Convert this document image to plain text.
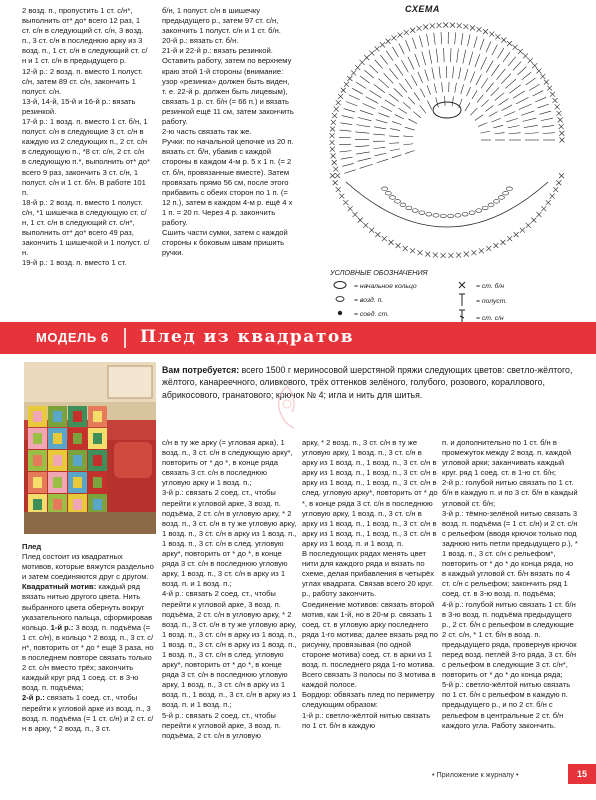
2 возд. п., пропустить 1 ст. с/н*, выполнить от* до* всего 12 раз, 1 ст. с/н в следующий ст. с/н, 3 возд. п., 3 ст. с/н в последнюю арку из 3 возд. п., 1 ст. с/н в следующий ст. с/н и 1 ст. с/н в предыдущего р.
12-й р.: 2 возд. п. вместо 1 полуст. с/н, затем 89 ст. с/н, закончить 1 полуст. с/н.
13-й, 14-й, 15-й и 16-й р.: вязать резинкой.
17-й р.: 1 возд. п. вместо 1 ст. б/н, 1 полуст. с/н в следующие 3 ст. с/н в каждую из 2 следующих п., 2 ст. с/н в следующую п., *8 ст. с/н, 2 ст. с/н в следующую п.*, выполнить от* до* всего 9 раз, закончить 3 ст. с/н, 1 полуст. с/н и 1 ст. б/н. В работе 101 п.
18-й р.: 2 возд. п. вместо 1 полуст. с/н, *1 шишечка в следующую ст. с/н, 1 ст. с/н в следующий ст. с/н*, выполнить от* до* всего 49 раз, закончить 1 шишечкой и 1 полуст. с/н.
19-й р.: 1 возд. п. вместо 1 ст.
б/н, 1 полуст. с/н в шишечку предыдущего р., затем 97 ст. с/н, закончить 1 полуст. с/н и 1 ст. б/н.
20-й р.: вязать ст. б/н.
21-й и 22-й р.: вязать резинкой.
Оставить работу, затем по верхнему краю этой 1-й стороны (внимание: узор «резинка» должен быть виден, т. е. 22-й р. должен быть лицевым), связать 1 р. ст. б/н (= 66 п.) и вязать резинкой ещё 11 см, затем закончить работу.
2-ю часть связать так же.
Ручки: по начальной цепочке из 20 п. вязать ст. б/н, убавив с каждой стороны в каждом 4-м р. 5 х 1 п. (= 2 ст. б/н, провязанные вместе). Затем провязать прямо 56 см, после этого прибавить с обеих сторон по 1 п. (= 12 п.), затем в каждом 4-м р. ещё 4 х 1 п. = 20 п. Через 4 р. закончить работу.
Сшить части сумки, затем с каждой стороны к боковым швам пришить ручки.
СХЕМА
УСЛОВНЫЕ ОБОЗНАЧЕНИЯ
= начальное кольцо
= возд. п.
= соед. ст.
= ст. б/н
= полуст.
= ст. с/н
МОДЕЛЬ 6 Плед из квадратов
Вам потребуется: всего 1500 г мериносовой шерстяной пряжи следующих цветов: светло-жёлтого, жёлтого, канареечного, оливкового, трёх оттенков зелёного, голубого, розового, кораллового, абрикосового, гранатового; крючок № 4; игла и нить для шитья.
Плед
Плед состоит из квадратных мотивов, которые вяжутся раздельно и затем соединяются друг с другом.
Квадратный мотив: каждый ряд вязать нитью другого цвета. Нить выбранного цвета обернуть вокруг указательного пальца, сформировав кольцо. 1-й р.: 3 возд. п. подъёма (= 1 ст. с/н), в кольцо * 2 возд. п., 3 ст. с/н*, повторить от * до * ещё 3 раза, но в последнем повторе связать только 2 ст. с/н вместо трёх; закончить каждый круг ряд 1 соед. ст. в 3-ю возд. п. подъёма;
2-й р.: связать 1 соед. ст., чтобы перейти к угловой арке из возд. п., 3 возд. п. подъёма (= 1 ст. с/н) и 2 ст. с/н в арку, * 2 возд. п., 3 ст.
с/н в ту же арку (= угловая арка), 1 возд. п., 3 ст. с/н в следующую арку*, повторить от * до *, в конце ряда связать 3 ст. с/н в последнюю угловую арку и 1 возд. п.;
3-й р.: связать 2 соед. ст., чтобы перейти к угловой арке, 3 возд. п. подъёма, 2 ст. с/н в угловую арку, * 2 возд. п., 3 ст. с/н в ту же угловую арку, 1 возд. п., 3 ст. с/н в арку из 1 возд. п., 1 возд. п., 3 ст. с/н в след. угловую арку*, повторить от * до *, в конце ряда 3 ст. с/н в последнюю угловую арку, 1 возд. п., 3 ст. с/н в арку из 1 возд. п. и 1 возд. п.;
4-й р.: связать 2 соед. ст., чтобы перейти к угловой арке, 3 возд. п. подъёма, 2 ст. с/н в угловую арку, * 2 возд. п., 3 ст. с/н в ту же угловую арку, 1 возд. п., 3 ст. с/н в арку из 1 возд. п., 1 возд. п., 3 ст. с/н в арку из 1 возд. п., 1 возд. п., 3 ст. с/н в след. угловую арку*, повторить от * до *, в конце ряда 3 ст. с/н в последнюю угловую арку, 1 возд. п., 3 ст. с/н в арку из 1 возд. п., 1 возд. п., 3 ст. с/н в арку из 1 возд. п. и 1 возд. п.;
5-й р.: связать 2 соед. ст., чтобы перейти к угловой арке, 3 возд. п. подъёма, 2 ст. с/н в угловую
арку, * 2 возд. п., 3 ст. с/н в ту же угловую арку, 1 возд. п., 3 ст. с/н в арку из 1 возд. п., 1 возд. п., 3 ст. с/н в арку из 1 возд. п., 1 возд. п., 3 ст. с/н в арку из 1 возд. п., 1 возд. п., 3 ст. с/н в след. угловую арку*, повторить от * до *, в конце ряда 3 ст. с/н в последнюю угловую арку, 1 возд. п., 3 ст. с/н в арку из 1 возд. п., 1 возд. п., 3 ст. с/н в арку из 1 возд. п., 1 возд. п., 3 ст. с/н в арку из 1 возд. п. и 1 возд. п.
В последующих рядах менять цвет нити для каждого ряда и вязать по схеме, делая прибавления в четырёх углах квадрата. Связав всего 20 круг. р., работу закончить.
Соединение мотивов: связать второй мотив, как 1-й, но в 20-м р. связать 1 соед. ст. в угловую арку последнего ряда 1-го мотива; далее вязать ряд по рисунку, провязывая (по одной стороне мотива) соед. ст. в арки из 1 возд. п. последнего ряда 1-го мотива.
Всего связать 3 полосы по 3 мотива в каждой полосе.
Бордюр: обвязать плед по периметру следующим образом:
1-й р.: светло-жёлтой нитью связать по 1 ст. б/н в каждую
п. и дополнительно по 1 ст. б/н в промежуток между 2 возд. п. каждой угловой арки; заканчивать каждый круг. ряд 1 соед. ст. в 1-ю ст. б/н;
2-й р.: голубой нитью связать по 1 ст. б/н в каждую п. и по 3 ст. б/н в каждый угловой ст. б/н;
3-й р.: тёмно-зелёной нитью связать 3 возд. п. подъёма (= 1 ст. с/н) и 2 ст. с/н с рельефом (вводя крючок только под заднюю нить петли предыдущего р.), * 1 возд. п., 3 ст. с/н с рельефом*, повторить от * до * до конца ряда, но в каждый угловой ст. б/н вязать по 4 ст. с/н с рельефом; закончить ряд 1 соед. ст. в 3-ю возд. п. подъёма;
4-й р.: голубой нитью связать 1 ст. б/н в 3-ю возд. п. подъёма предыдущего р., 2 ст. б/н с рельефом в следующие 2 ст. с/н, * 1 ст. б/н в возд. п. предыдущего ряда, провернув крючок перед возд. петлёй 3-го ряда, 3 ст. б/н с рельефом в следующие 3 ст. с/н*, повторить от * до * до конца ряда;
5-й р.: светло-жёлтой нитью связать по 1 ст. б/н с рельефом в каждую п. предыдущего р., и по 2 ст. б/н с рельефом в центральные 2 ст. б/н каждого угла. Работу закончить.
• Приложение к журналу •	15
